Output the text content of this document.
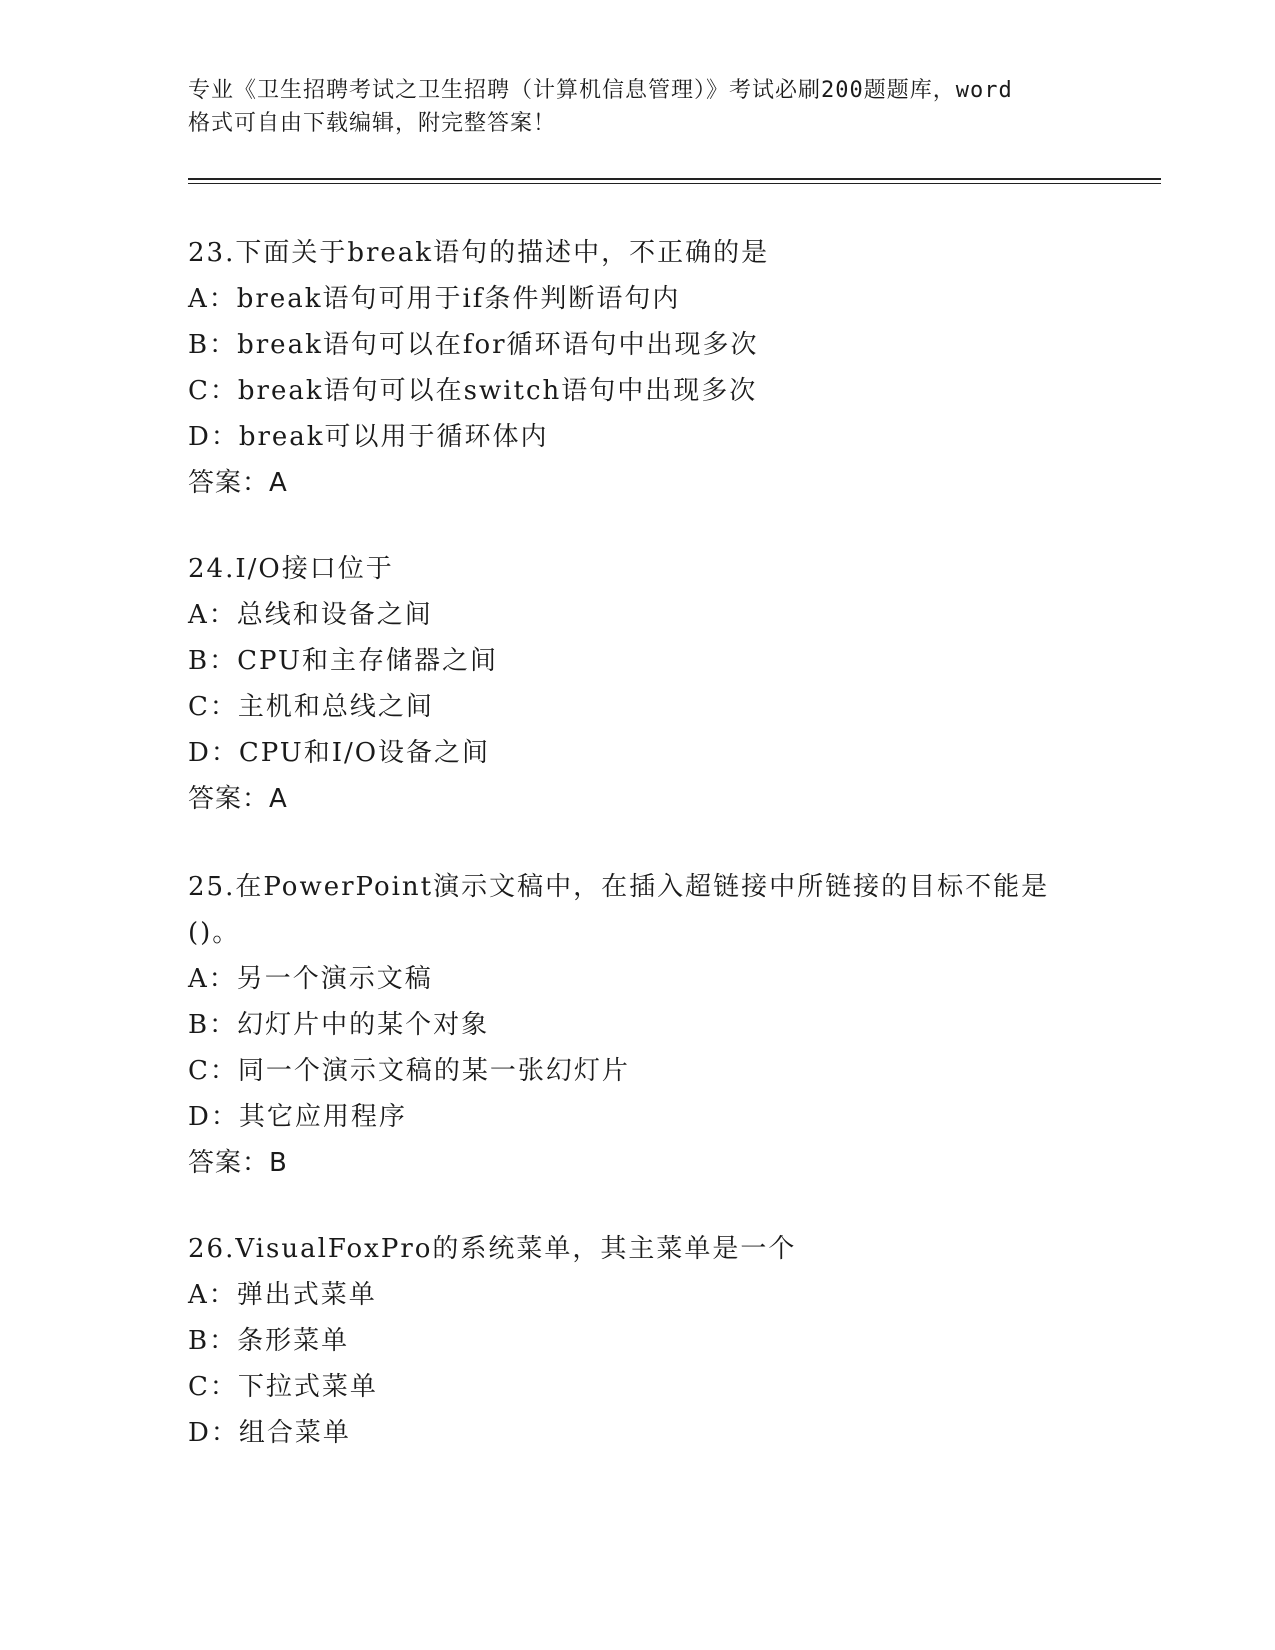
专业《卫生招聘考试之卫生招聘（计算机信息管理）》考试必刷200题题库，word
格式可自由下载编辑，附完整答案！
23.下面关于break语句的描述中，不正确的是
A：break语句可用于if条件判断语句内
B：break语句可以在for循环语句中出现多次
C：break语句可以在switch语句中出现多次
D：break可以用于循环体内
答案：A
24.I/O接口位于
A：总线和设备之间
B：CPU和主存储器之间
C：主机和总线之间
D：CPU和I/O设备之间
答案：A
25.在PowerPoint演示文稿中，在插入超链接中所链接的目标不能是
()。
A：另一个演示文稿
B：幻灯片中的某个对象
C：同一个演示文稿的某一张幻灯片
D：其它应用程序
答案：B
26.VisualFoxPro的系统菜单，其主菜单是一个
A：弹出式菜单
B：条形菜单
C：下拉式菜单
D：组合菜单
